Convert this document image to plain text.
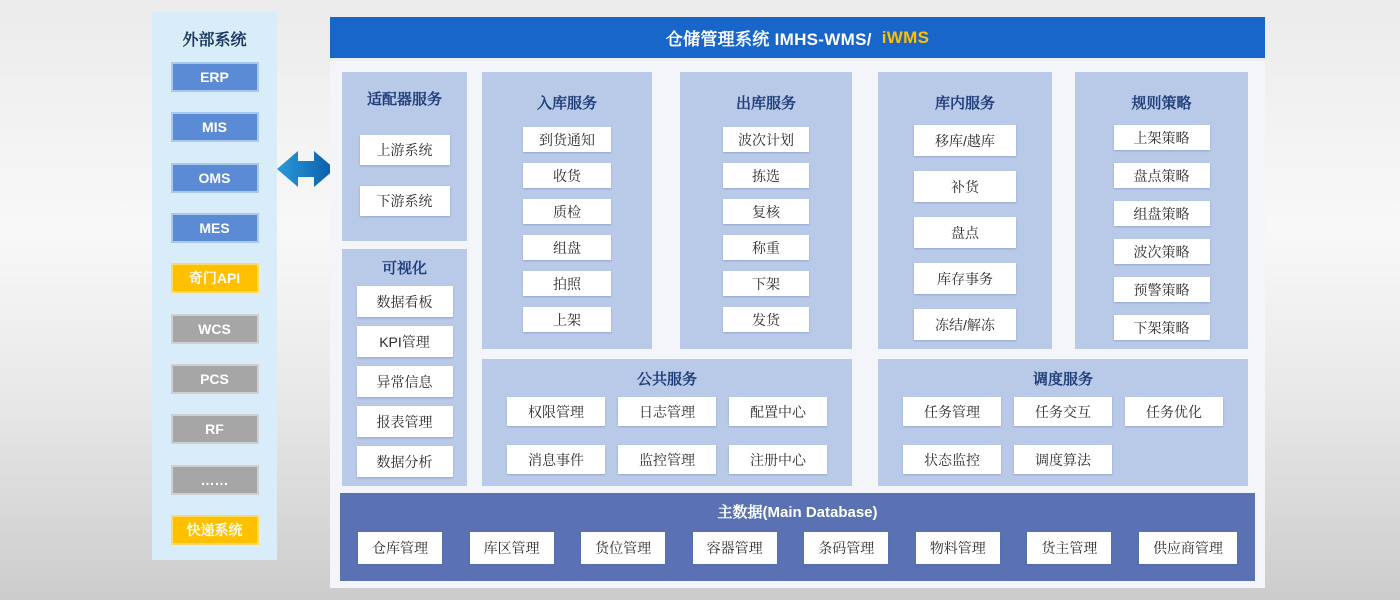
外部系统
ERP
MIS
OMS
MES
奇门API
WCS
PCS
RF
……
快递系统
仓储管理系统 IMHS-WMS/ iWMS
适配器服务
上游系统
下游系统
可视化
数据看板
KPI管理
异常信息
报表管理
数据分析
入库服务
到货通知
收货
质检
组盘
拍照
上架
出库服务
波次计划
拣选
复核
称重
下架
发货
库内服务
移库/越库
补货
盘点
库存事务
冻结/解冻
规则策略
上架策略
盘点策略
组盘策略
波次策略
预警策略
下架策略
公共服务
权限管理	日志管理	配置中心
消息事件	监控管理	注册中心
调度服务
任务管理	任务交互	任务优化
状态监控	调度算法
主数据(Main Database)
仓库管理	库区管理	货位管理	容器管理	条码管理	物料管理	货主管理	供应商管理
